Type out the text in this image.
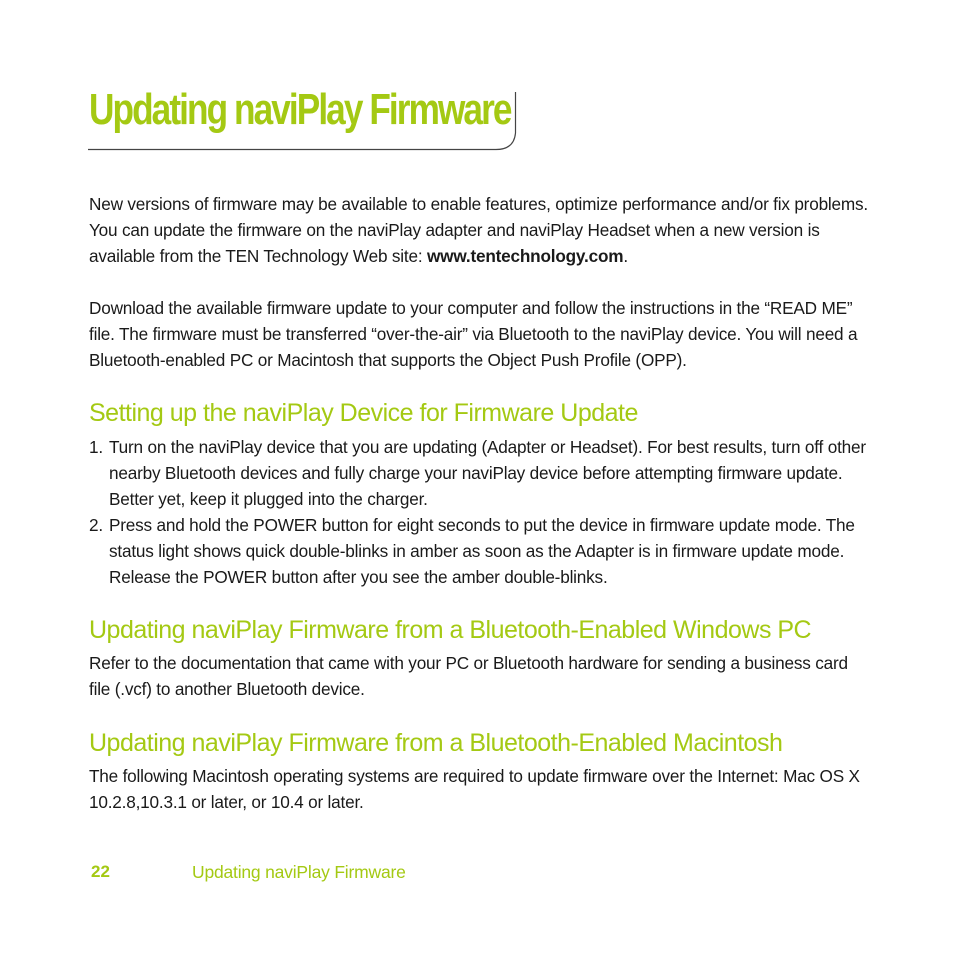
Updating naviPlay Firmware

New versions of firmware may be available to enable features, optimize performance and/or fix problems. You can update the firmware on the naviPlay adapter and naviPlay Headset when a new version is available from the TEN Technology Web site: www.tentechnology.com.

Download the available firmware update to your computer and follow the instructions in the “READ ME” file. The firmware must be transferred “over-the-air” via Bluetooth to the naviPlay device. You will need a Bluetooth-enabled PC or Macintosh that supports the Object Push Profile (OPP).

Setting up the naviPlay Device for Firmware Update
1. Turn on the naviPlay device that you are updating (Adapter or Headset). For best results, turn off other nearby Bluetooth devices and fully charge your naviPlay device before attempting firmware update. Better yet, keep it plugged into the charger.
2. Press and hold the POWER button for eight seconds to put the device in firmware update mode. The status light shows quick double-blinks in amber as soon as the Adapter is in firmware update mode. Release the POWER button after you see the amber double-blinks.
Updating naviPlay Firmware from a Bluetooth-Enabled Windows PC

Refer to the documentation that came with your PC or Bluetooth hardware for sending a business card file (.vcf) to another Bluetooth device.

Updating naviPlay Firmware from a Bluetooth-Enabled Macintosh

The following Macintosh operating systems are required to update firmware over the Internet: Mac OS X 10.2.8,10.3.1 or later, or 10.4 or later.

22	Updating naviPlay Firmware
